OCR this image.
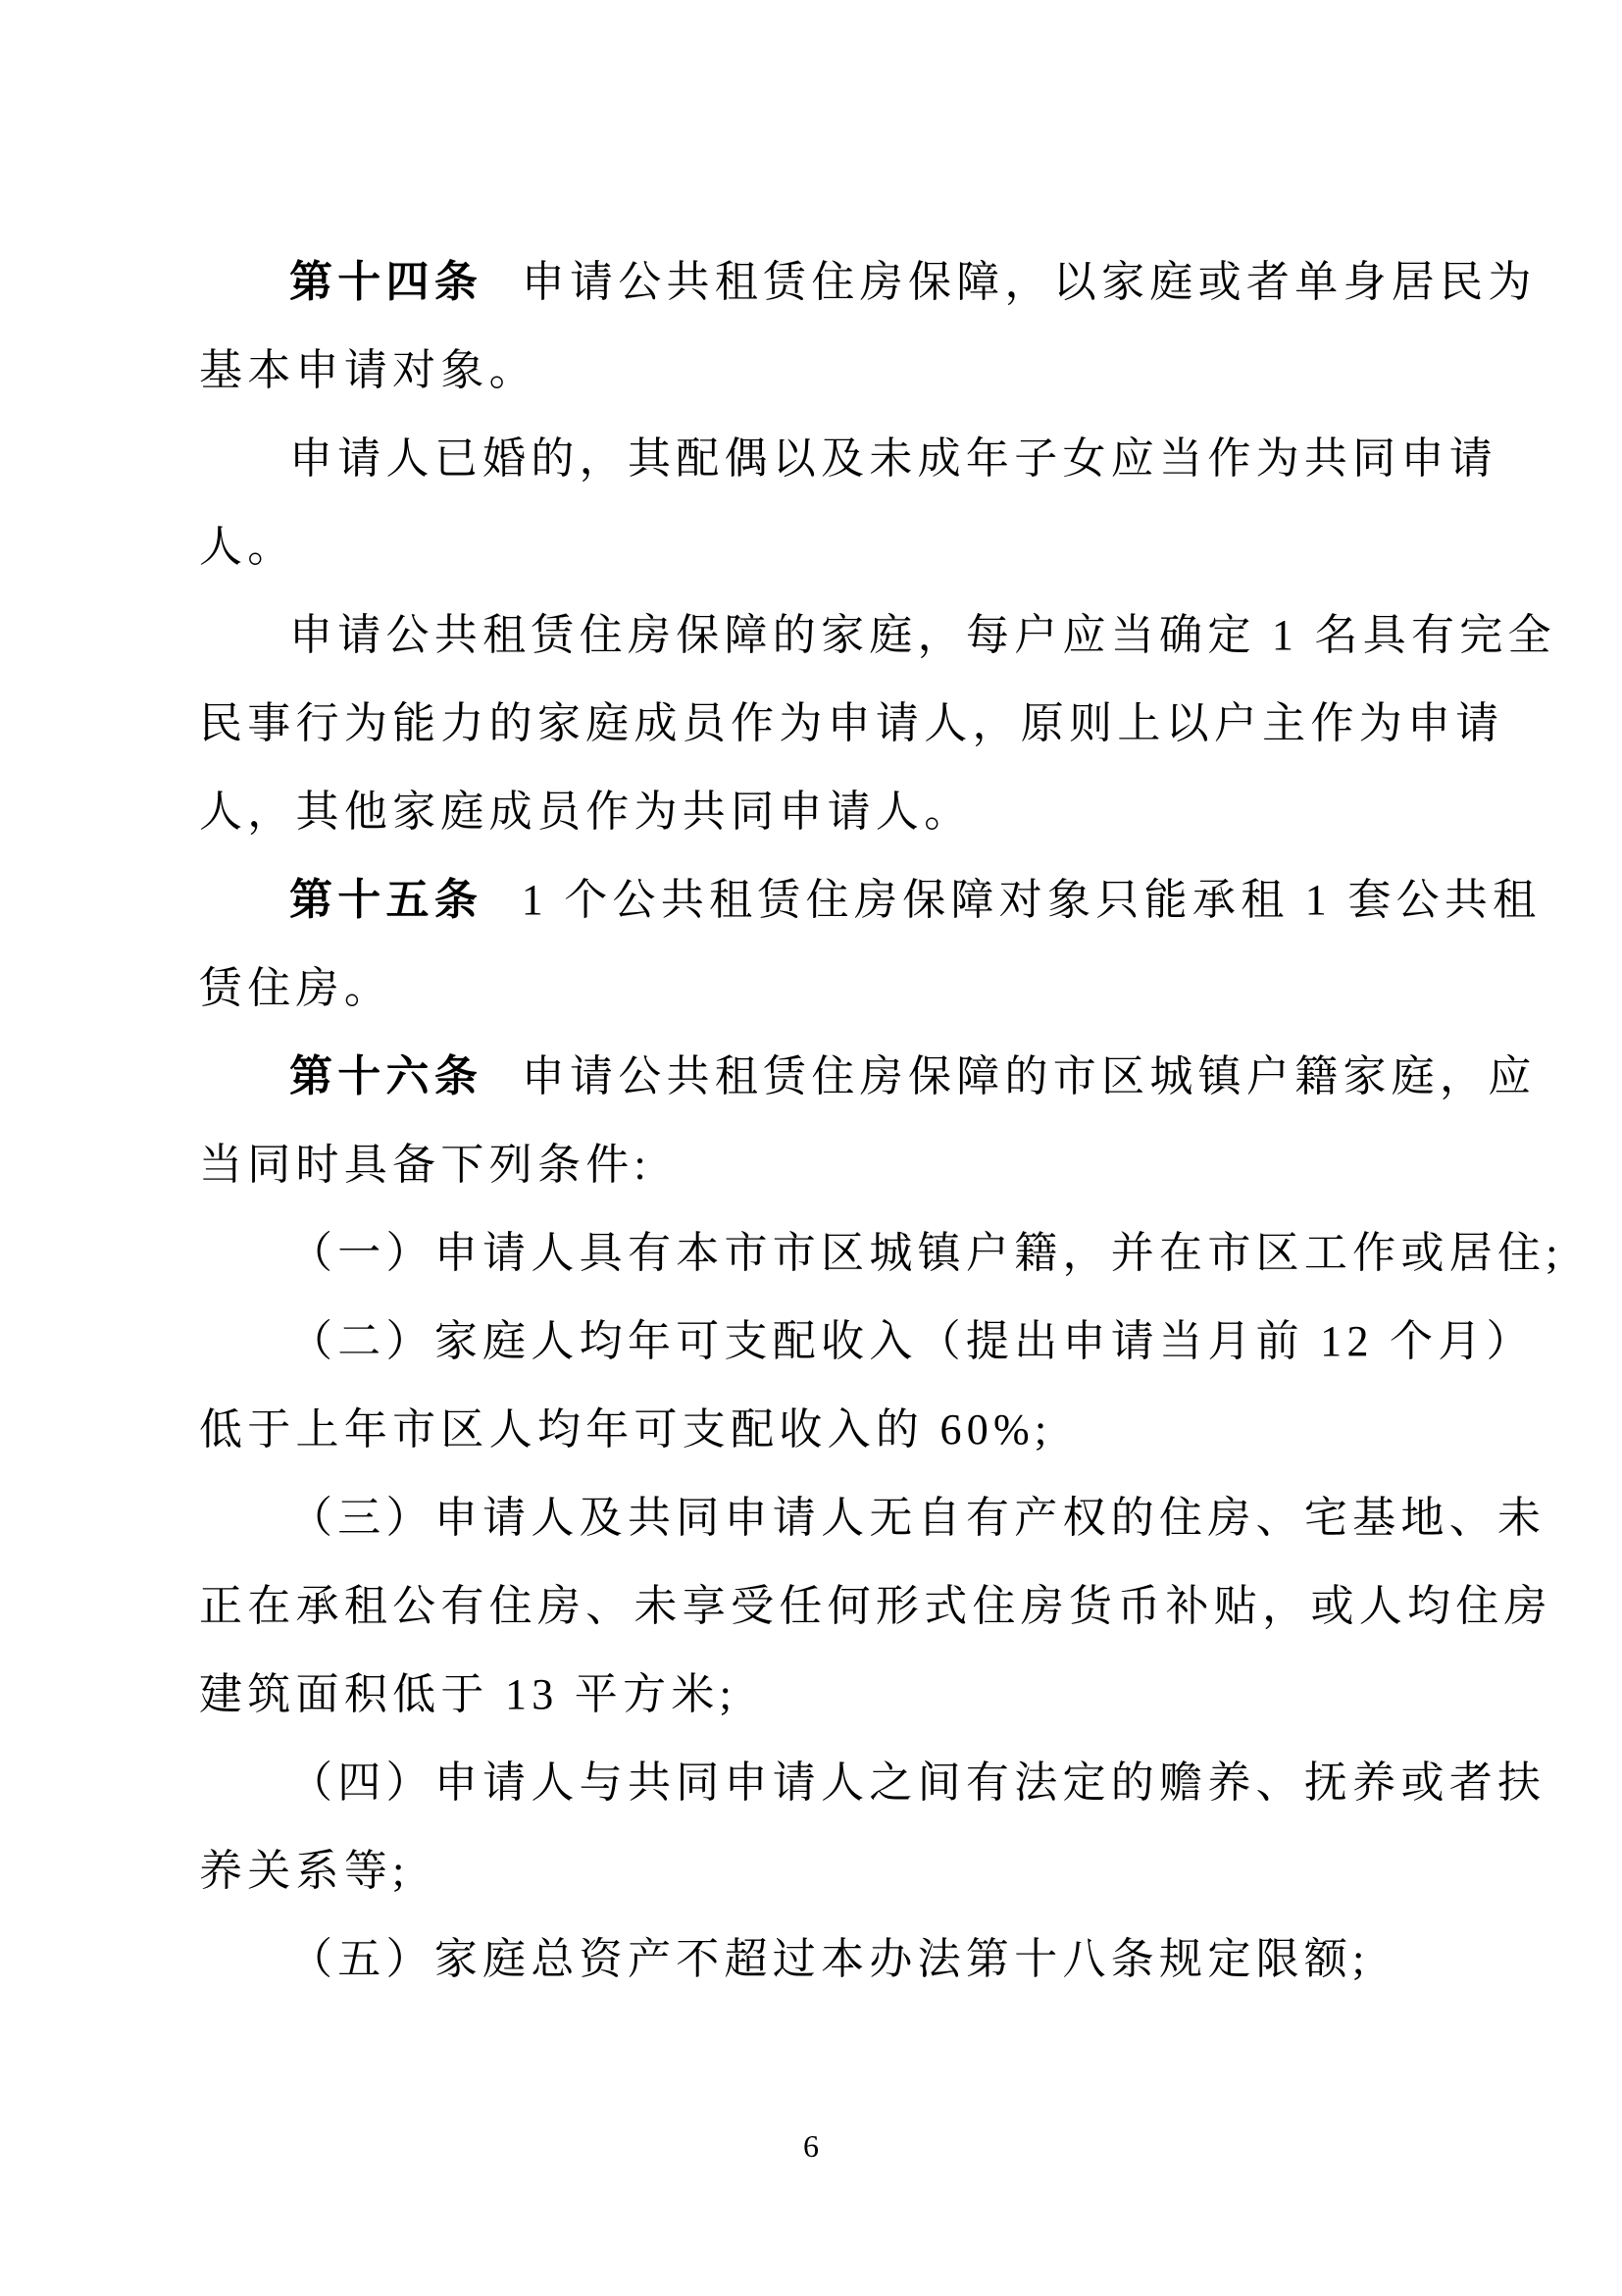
第十四条 申请公共租赁住房保障，以家庭或者单身居民为
基本申请对象。
申请人已婚的，其配偶以及未成年子女应当作为共同申请
人。
申请公共租赁住房保障的家庭，每户应当确定 1 名具有完全
民事行为能力的家庭成员作为申请人，原则上以户主作为申请
人，其他家庭成员作为共同申请人。
第十五条 1 个公共租赁住房保障对象只能承租 1 套公共租
赁住房。
第十六条 申请公共租赁住房保障的市区城镇户籍家庭，应
当同时具备下列条件:
（一）申请人具有本市市区城镇户籍，并在市区工作或居住;
（二）家庭人均年可支配收入（提出申请当月前 12 个月）
低于上年市区人均年可支配收入的 60%;
（三）申请人及共同申请人无自有产权的住房、宅基地、未
正在承租公有住房、未享受任何形式住房货币补贴，或人均住房
建筑面积低于 13 平方米;
（四）申请人与共同申请人之间有法定的赡养、抚养或者扶
养关系等;
（五）家庭总资产不超过本办法第十八条规定限额;
6
